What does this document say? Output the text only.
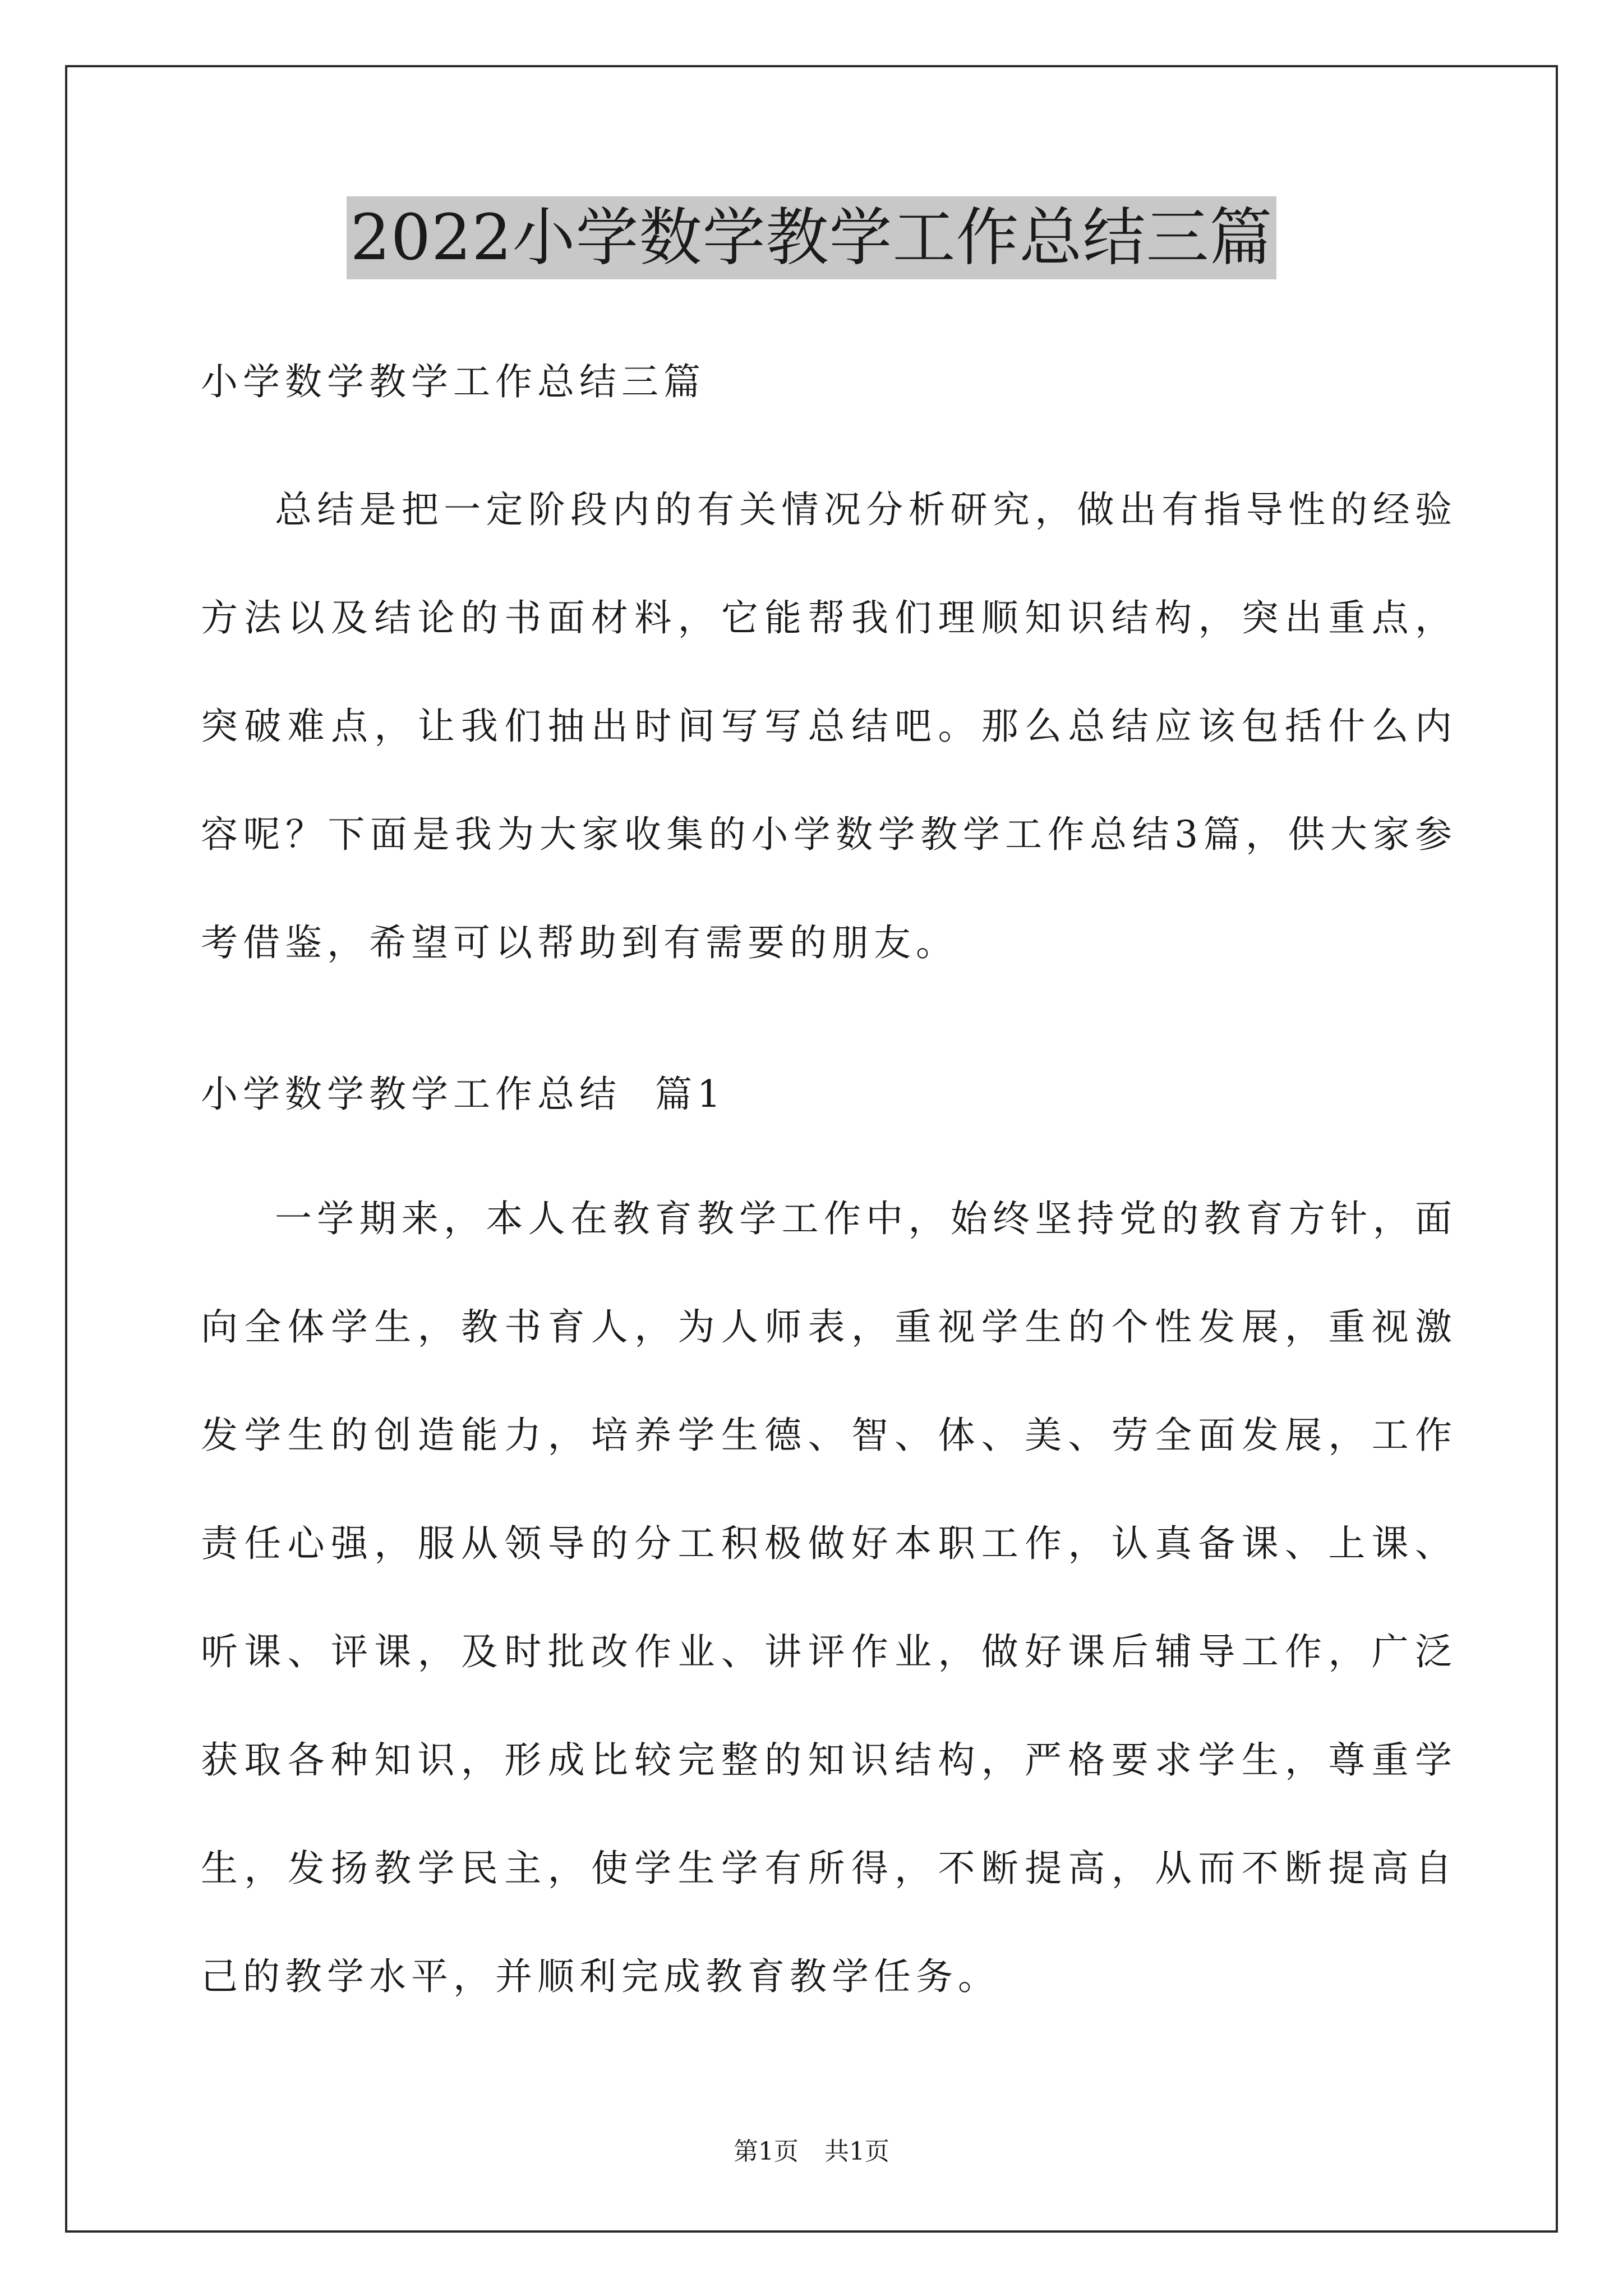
2022小学数学教学工作总结三篇
小学数学教学工作总结三篇

总结是把一定阶段内的有关情况分析研究，做出有指导性的经验方法以及结论的书面材料，它能帮我们理顺知识结构，突出重点，突破难点，让我们抽出时间写写总结吧。那么总结应该包括什么内容呢？下面是我为大家收集的小学数学教学工作总结3篇，供大家参考借鉴，希望可以帮助到有需要的朋友。

小学数学教学工作总结  篇1

一学期来，本人在教育教学工作中，始终坚持党的教育方针，面向全体学生，教书育人，为人师表，重视学生的个性发展，重视激发学生的创造能力，培养学生德、智、体、美、劳全面发展，工作责任心强，服从领导的分工积极做好本职工作，认真备课、上课、听课、评课，及时批改作业、讲评作业，做好课后辅导工作，广泛获取各种知识，形成比较完整的知识结构，严格要求学生，尊重学生，发扬教学民主，使学生学有所得，不断提高，从而不断提高自己的教学水平，并顺利完成教育教学任务。

第1页 共1页
